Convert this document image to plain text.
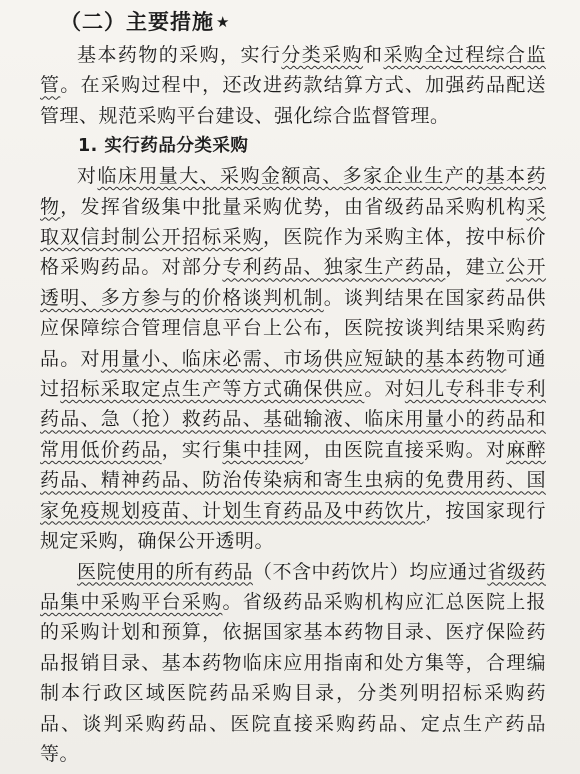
（二）主要措施 ★

基本药物的采购，实行分类采购和采购全过程综合监管。在采购过程中，还改进药款结算方式、加强药品配送管理、规范采购平台建设、强化综合监督管理。

1. 实行药品分类采购

对临床用量大、采购金额高、多家企业生产的基本药物，发挥省级集中批量采购优势，由省级药品采购机构采取双信封制公开招标采购，医院作为采购主体，按中标价格采购药品。对部分专利药品、独家生产药品，建立公开透明、多方参与的价格谈判机制。谈判结果在国家药品供应保障综合管理信息平台上公布，医院按谈判结果采购药品。对用量小、临床必需、市场供应短缺的基本药物可通过招标采取定点生产等方式确保供应。对妇儿专科非专利药品、急（抢）救药品、基础输液、临床用量小的药品和常用低价药品，实行集中挂网，由医院直接采购。对麻醉药品、精神药品、防治传染病和寄生虫病的免费用药、国家免疫规划疫苗、计划生育药品及中药饮片，按国家现行规定采购，确保公开透明。

医院使用的所有药品（不含中药饮片）均应通过省级药品集中采购平台采购。省级药品采购机构应汇总医院上报的采购计划和预算，依据国家基本药物目录、医疗保险药品报销目录、基本药物临床应用指南和处方集等，合理编制本行政区域医院药品采购目录，分类列明招标采购药品、谈判采购药品、医院直接采购药品、定点生产药品等。
